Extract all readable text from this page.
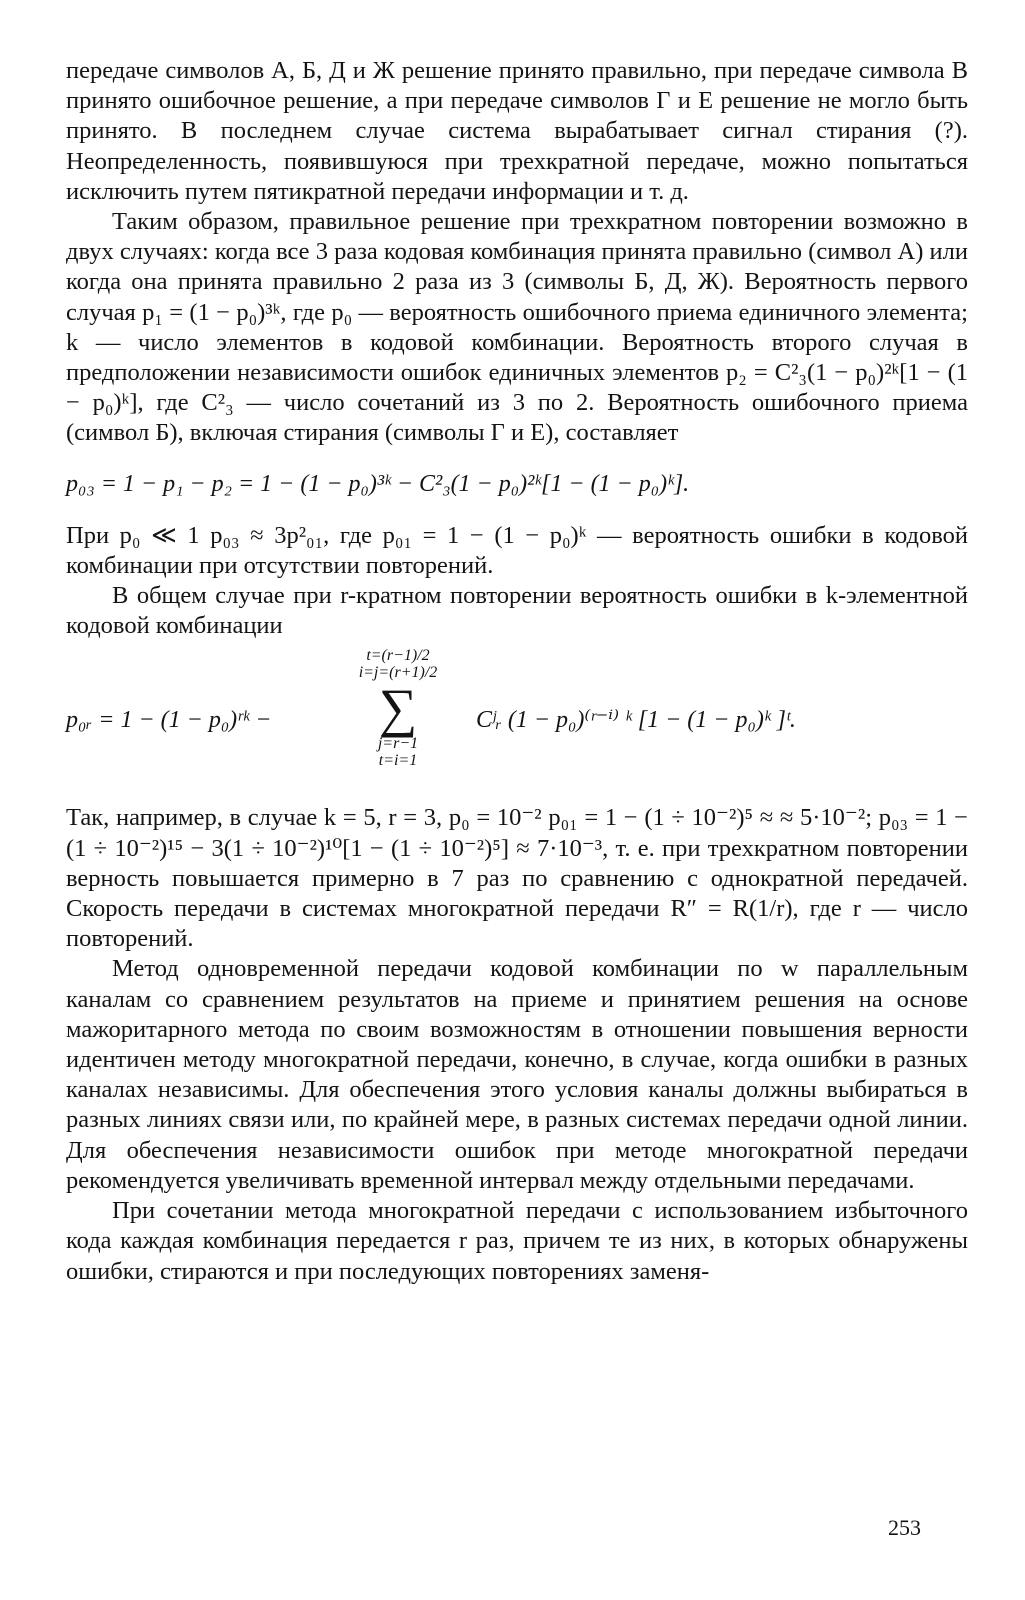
передаче символов А, Б, Д и Ж решение принято правильно, при передаче символа В принято ошибочное решение, а при передаче символов Г и Е решение не могло быть принято. В последнем случае система вырабатывает сигнал стирания (?). Неопределенность, появившуюся при трехкратной передаче, можно попытаться исключить путем пятикратной передачи информации и т. д.

Таким образом, правильное решение при трехкратном повторении возможно в двух случаях: когда все 3 раза кодовая комбинация принята правильно (символ А) или когда она принята правильно 2 раза из 3 (символы Б, Д, Ж). Вероятность первого случая p₁ = (1 − p₀)³ᵏ, где p₀ — вероятность ошибочного приема единичного элемента; k — число элементов в кодовой комбинации. Вероятность второго случая в предположении независимости ошибок единичных элементов p₂ = C²₃(1 − p₀)²ᵏ[1 − (1 − p₀)ᵏ], где C²₃ — число сочетаний из 3 по 2. Вероятность ошибочного приема (символ Б), включая стирания (символы Г и Е), составляет

p₀₃ = 1 − p₁ − p₂ = 1 − (1 − p₀)³ᵏ − C²₃(1 − p₀)²ᵏ[1 − (1 − p₀)ᵏ].

При p₀ ≪ 1 p₀₃ ≈ 3p²₀₁, где p₀₁ = 1 − (1 − p₀)ᵏ — вероятность ошибки в кодовой комбинации при отсутствии повторений.

В общем случае при r-кратном повторении вероятность ошибки в k-элементной кодовой комбинации

p₀ᵣ = 1 − (1 − p₀)ʳᵏ −
t=(r−1)/2
i=j=(r+1)/2
∑
j=r−1
t=i=1
Cʲᵣ (1 − p₀)⁽ʳ⁻ⁱ⁾ ᵏ [1 − (1 − p₀)ᵏ ]ᵗ.

Так, например, в случае k = 5, r = 3, p₀ = 10⁻² p₀₁ = 1 − (1 ÷ 10⁻²)⁵ ≈ ≈ 5·10⁻²; p₀₃ = 1 − (1 ÷ 10⁻²)¹⁵ − 3(1 ÷ 10⁻²)¹⁰[1 − (1 ÷ 10⁻²)⁵] ≈ 7·10⁻³, т. е. при трехкратном повторении верность повышается примерно в 7 раз по сравнению с однократной передачей. Скорость передачи в системах многократной передачи R″ = R(1/r), где r — число повторений.

Метод одновременной передачи кодовой комбинации по w параллельным каналам со сравнением результатов на приеме и принятием решения на основе мажоритарного метода по своим возможностям в отношении повышения верности идентичен методу многократной передачи, конечно, в случае, когда ошибки в разных каналах независимы. Для обеспечения этого условия каналы должны выбираться в разных линиях связи или, по крайней мере, в разных системах передачи одной линии. Для обеспечения независимости ошибок при методе многократной передачи рекомендуется увеличивать временной интервал между отдельными передачами.

При сочетании метода многократной передачи с использованием избыточного кода каждая комбинация передается r раз, причем те из них, в которых обнаружены ошибки, стираются и при последующих повторениях заменя-

253
